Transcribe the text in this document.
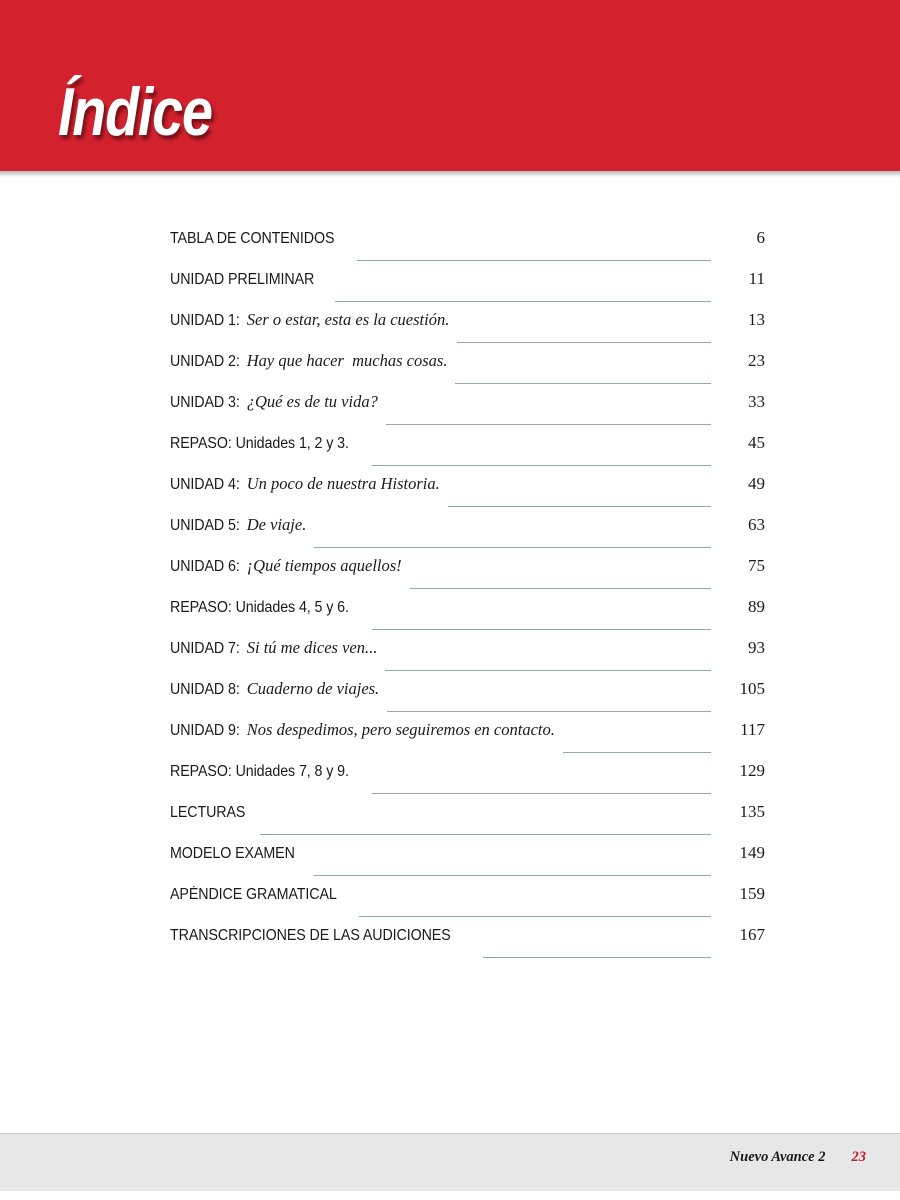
Índice
TABLA DE CONTENIDOS	6
UNIDAD PRELIMINAR	11
UNIDAD 1: Ser o estar, esta es la cuestión.	13
UNIDAD 2: Hay que hacer  muchas cosas.	23
UNIDAD 3: ¿Qué es de tu vida?	33
REPASO: Unidades 1, 2 y 3.	45
UNIDAD 4: Un poco de nuestra Historia.	49
UNIDAD 5: De viaje.	63
UNIDAD 6: ¡Qué tiempos aquellos!	75
REPASO: Unidades 4, 5 y 6.	89
UNIDAD 7: Si tú me dices ven...	93
UNIDAD 8: Cuaderno de viajes.	105
UNIDAD 9: Nos despedimos, pero seguiremos en contacto.	117
REPASO: Unidades 7, 8 y 9.	129
LECTURAS	135
MODELO EXAMEN	149
APÉNDICE GRAMATICAL	159
TRANSCRIPCIONES DE LAS AUDICIONES	167
Nuevo Avance 2 23
